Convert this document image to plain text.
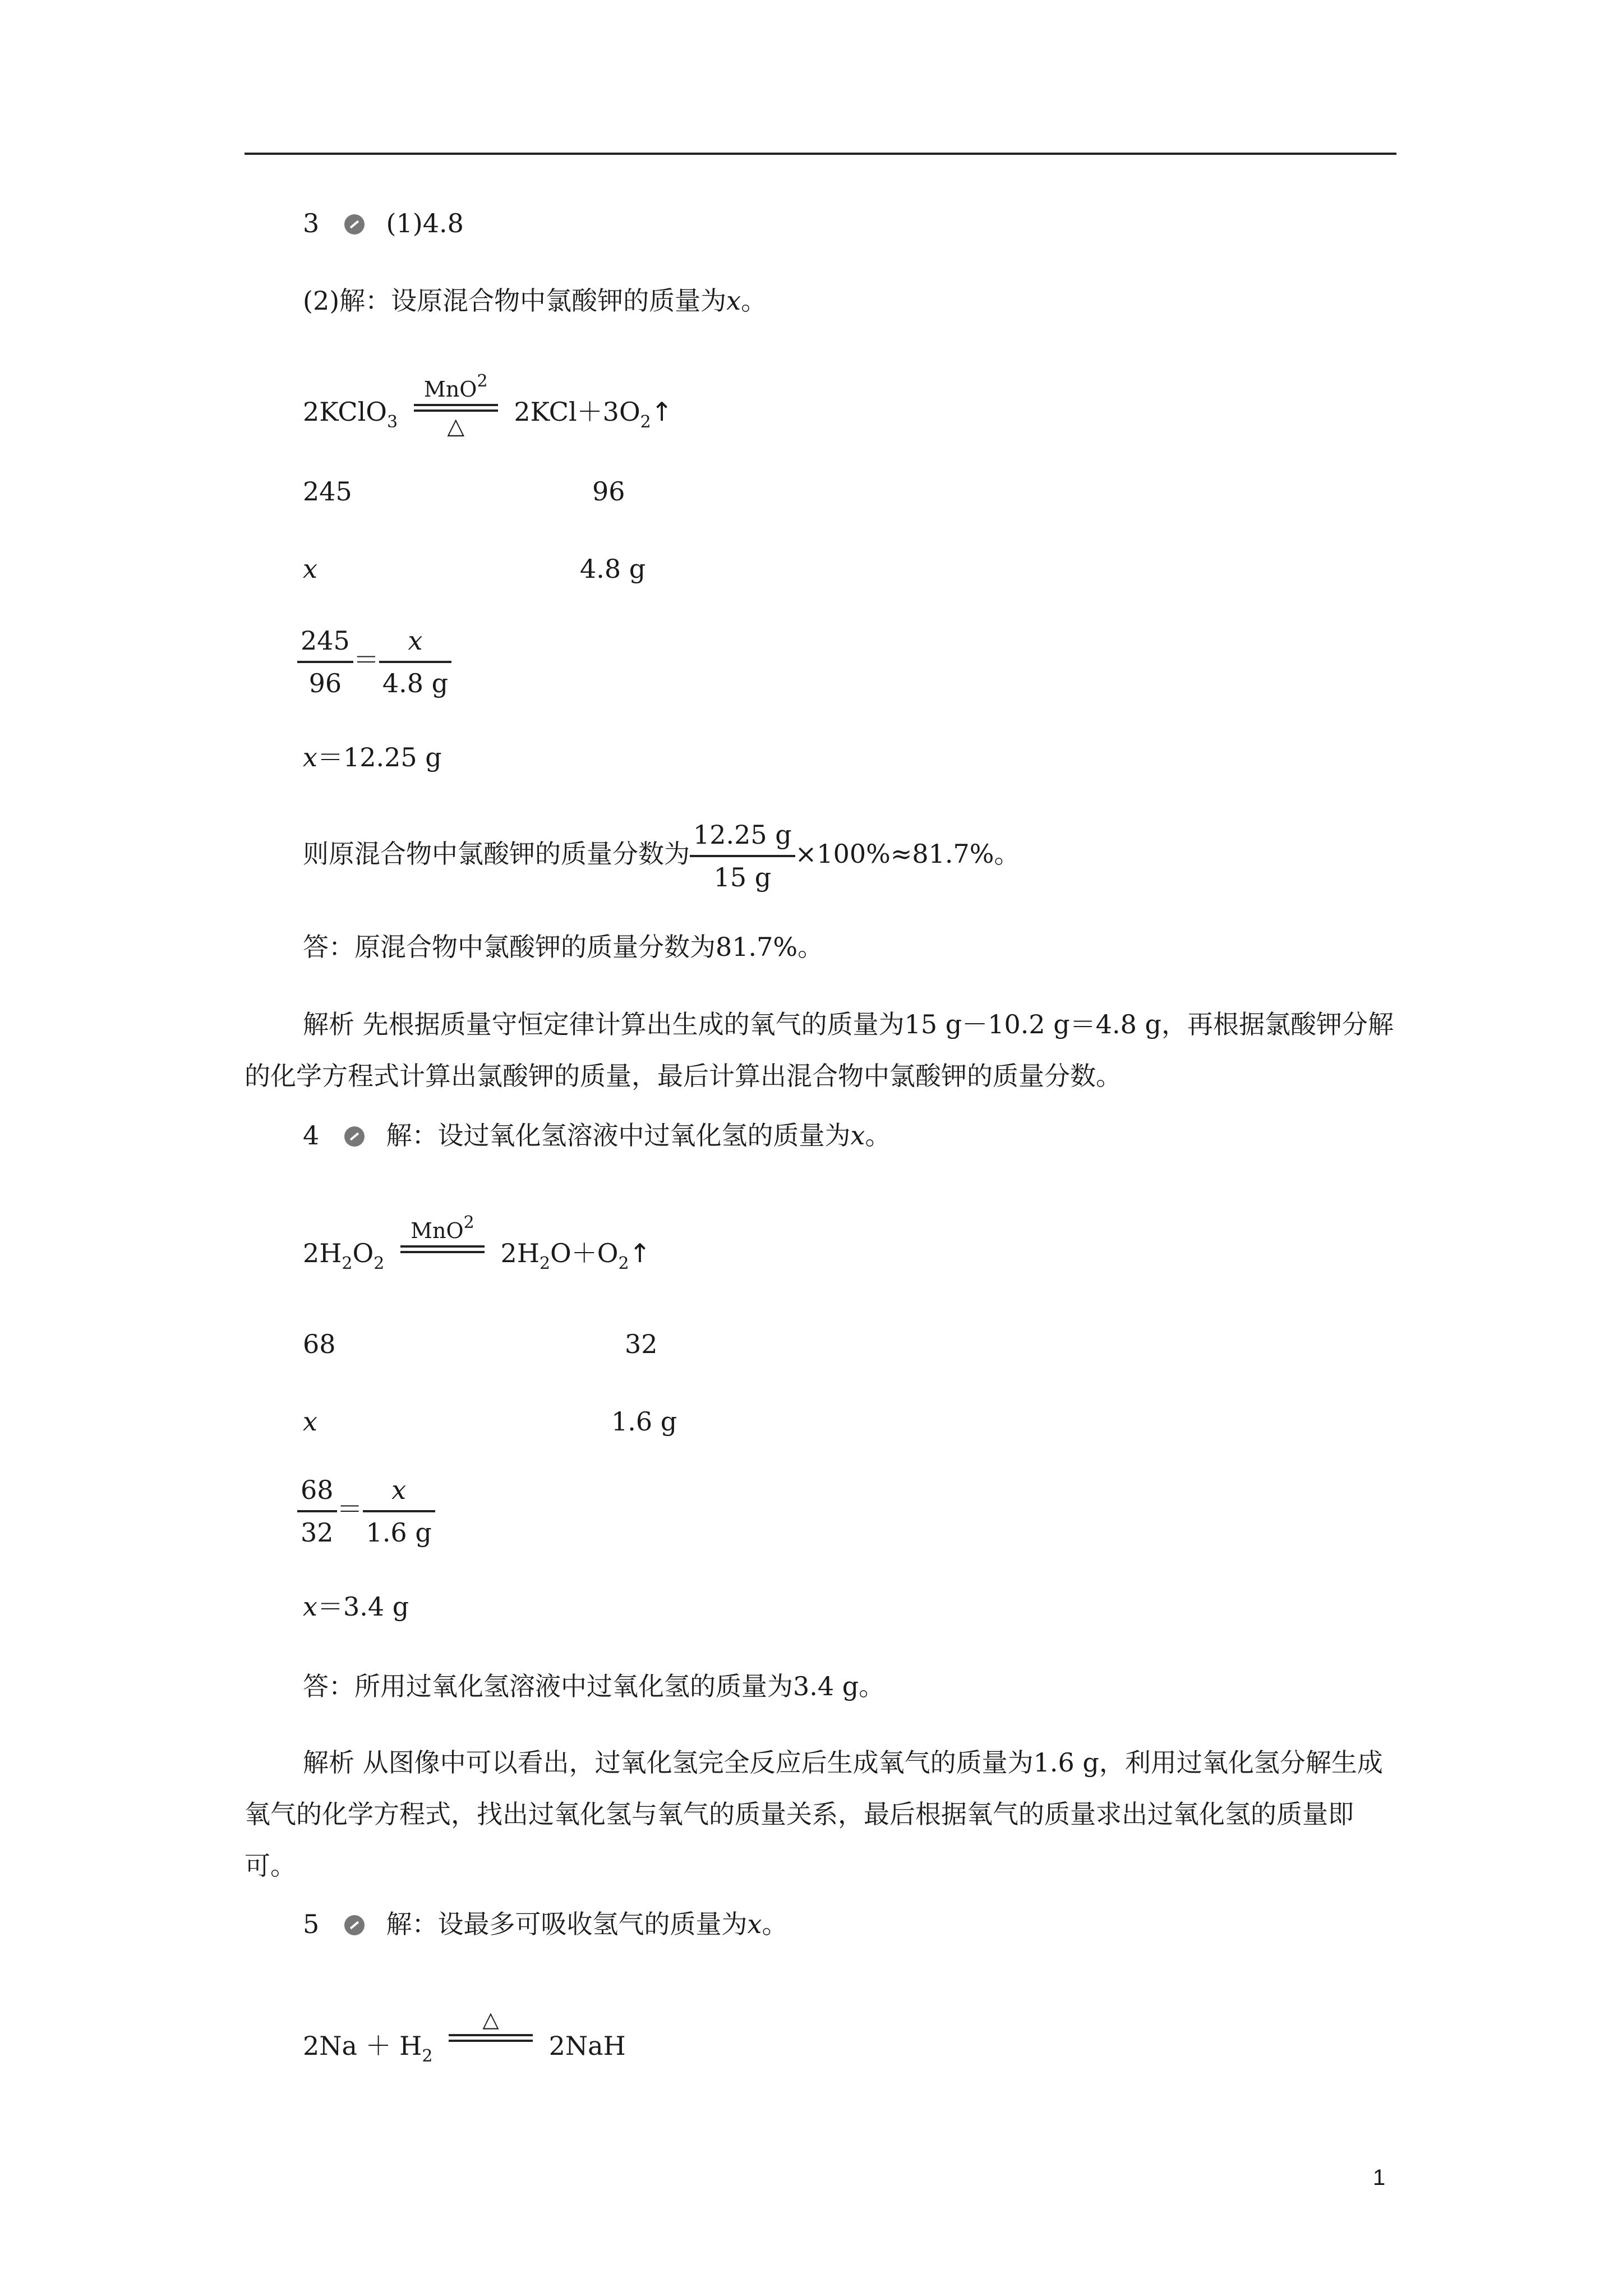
3	(1)4.8
(2)解：设原混合物中氯酸钾的质量为x。
2KClO$_3$
MnO$^2$
△	$2KCl+3O_2↑$
245	96
x	4.8 g
$\frac{245}{96} = \frac{x}{4.8 g}$
x＝12.25 g
则原混合物中氯酸钾的质量分数为 $\frac{12.25 g}{15 g} \times 100\%\approx 81.7\%$。
答：原混合物中氯酸钾的质量分数为81.7%。
解析 先根据质量守恒定律计算出生成的氧气的质量为15 g－10.2 g＝4.8 g，再根据氯酸钾分解的化学方程式计算出氯酸钾的质量，最后计算出混合物中氯酸钾的质量分数。
4	解：设过氧化氢溶液中过氧化氢的质量为x。
$2H_2O_2$
MnO$^2$
$2H_2O+O_2↑$
68	32
x	1.6 g
$\frac{68}{32} = \frac{x}{1.6 g}$
x＝3.4 g
答：所用过氧化氢溶液中过氧化氢的质量为3.4 g。
解析 从图像中可以看出，过氧化氢完全反应后生成氧气的质量为1.6 g，利用过氧化氢分解生成氧气的化学方程式，找出过氧化氢与氧气的质量关系，最后根据氧气的质量求出过氧化氢的质量即可。
5	解：设最多可吸收氢气的质量为x。
$2Na + H_2$
△
2NaH
1
